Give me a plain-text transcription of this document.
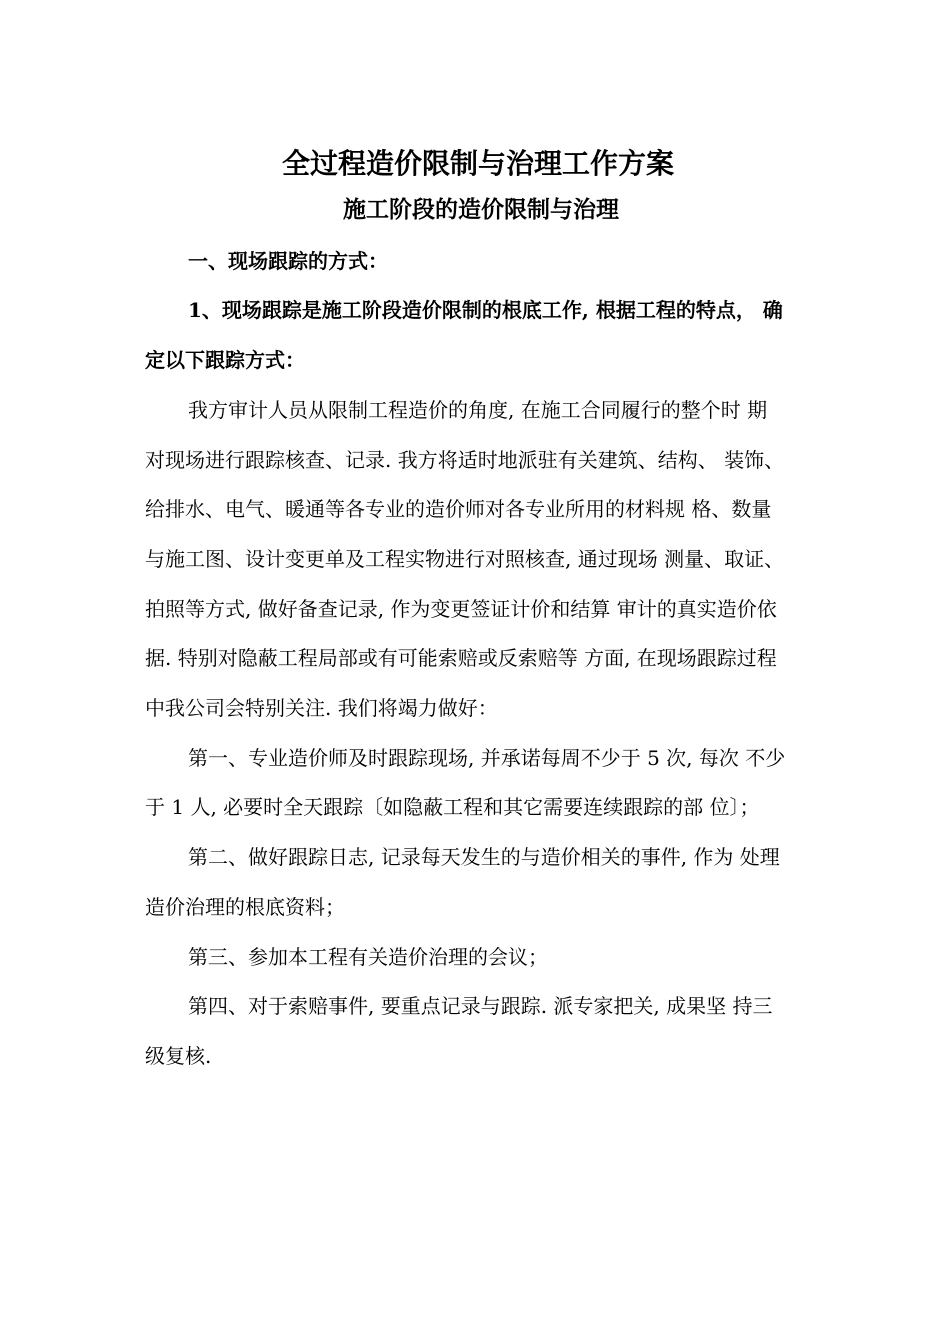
全过程造价限制与治理工作方案
施工阶段的造价限制与治理
一、现场跟踪的方式：
1、现场跟踪是施工阶段造价限制的根底工作, 根据工程的特点， 确
定以下跟踪方式：
我方审计人员从限制工程造价的角度, 在施工合同履行的整个时 期
对现场进行跟踪核查、记录. 我方将适时地派驻有关建筑、结构、 装饰、
给排水、电气、暖通等各专业的造价师对各专业所用的材料规 格、数量
与施工图、设计变更单及工程实物进行对照核查, 通过现场 测量、取证、
拍照等方式, 做好备查记录, 作为变更签证计价和结算 审计的真实造价依
据. 特别对隐蔽工程局部或有可能索赔或反索赔等 方面, 在现场跟踪过程
中我公司会特别关注. 我们将竭力做好：
第一、专业造价师及时跟踪现场, 并承诺每周不少于 5 次, 每次 不少
于 1 人, 必要时全天跟踪〔如隐蔽工程和其它需要连续跟踪的部 位〕；
第二、做好跟踪日志, 记录每天发生的与造价相关的事件, 作为 处理
造价治理的根底资料；
第三、参加本工程有关造价治理的会议；
第四、对于索赔事件, 要重点记录与跟踪. 派专家把关, 成果坚 持三
级复核.
